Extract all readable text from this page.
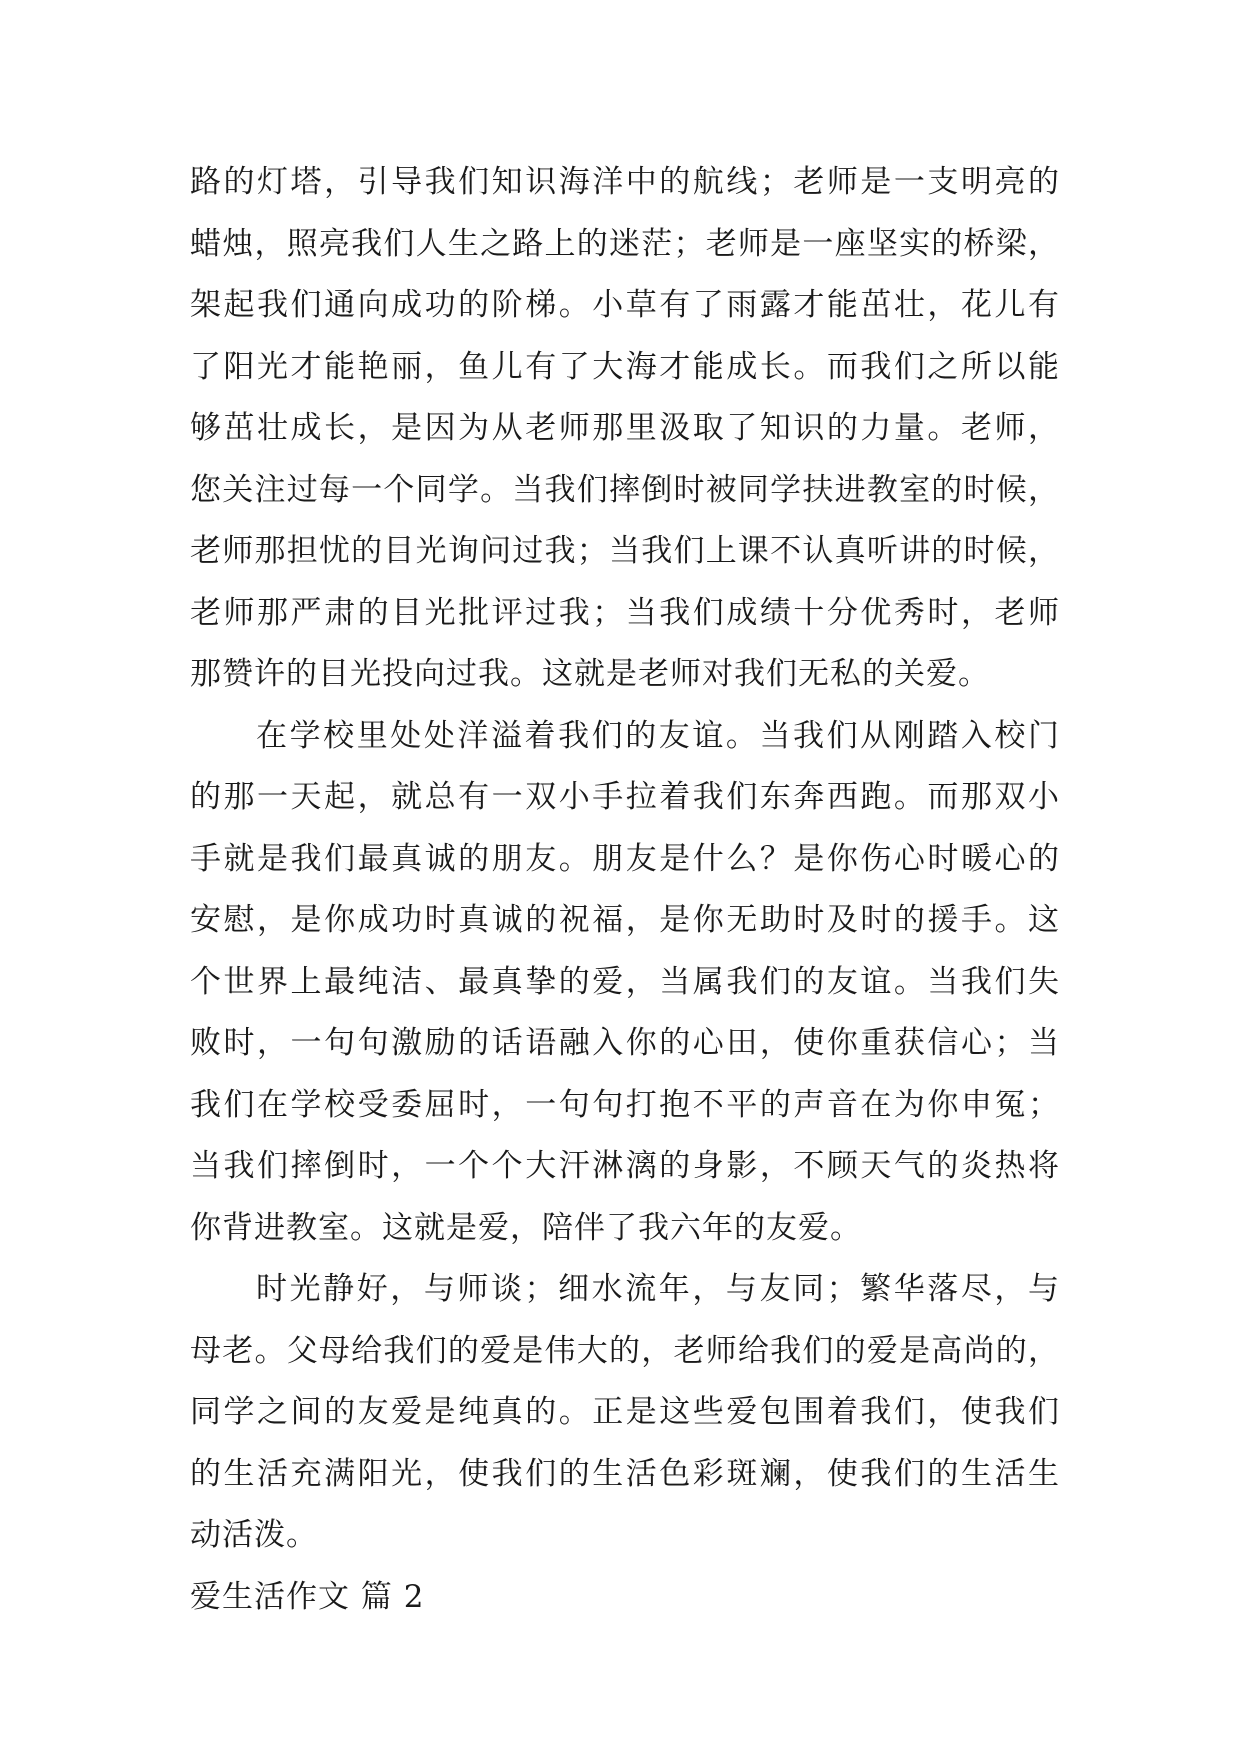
路的灯塔，引导我们知识海洋中的航线；老师是一支明亮的
蜡烛，照亮我们人生之路上的迷茫；老师是一座坚实的桥梁，
架起我们通向成功的阶梯。小草有了雨露才能茁壮，花儿有
了阳光才能艳丽，鱼儿有了大海才能成长。而我们之所以能
够茁壮成长，是因为从老师那里汲取了知识的力量。老师，
您关注过每一个同学。当我们摔倒时被同学扶进教室的时候，
老师那担忧的目光询问过我；当我们上课不认真听讲的时候，
老师那严肃的目光批评过我；当我们成绩十分优秀时，老师
那赞许的目光投向过我。这就是老师对我们无私的关爱。
在学校里处处洋溢着我们的友谊。当我们从刚踏入校门
的那一天起，就总有一双小手拉着我们东奔西跑。而那双小
手就是我们最真诚的朋友。朋友是什么？是你伤心时暖心的
安慰，是你成功时真诚的祝福，是你无助时及时的援手。这
个世界上最纯洁、最真挚的爱，当属我们的友谊。当我们失
败时，一句句激励的话语融入你的心田，使你重获信心；当
我们在学校受委屈时，一句句打抱不平的声音在为你申冤；
当我们摔倒时，一个个大汗淋漓的身影，不顾天气的炎热将
你背进教室。这就是爱，陪伴了我六年的友爱。
时光静好，与师谈；细水流年，与友同；繁华落尽，与
母老。父母给我们的爱是伟大的，老师给我们的爱是高尚的，
同学之间的友爱是纯真的。正是这些爱包围着我们，使我们
的生活充满阳光，使我们的生活色彩斑斓，使我们的生活生
动活泼。
爱生活作文 篇 2
